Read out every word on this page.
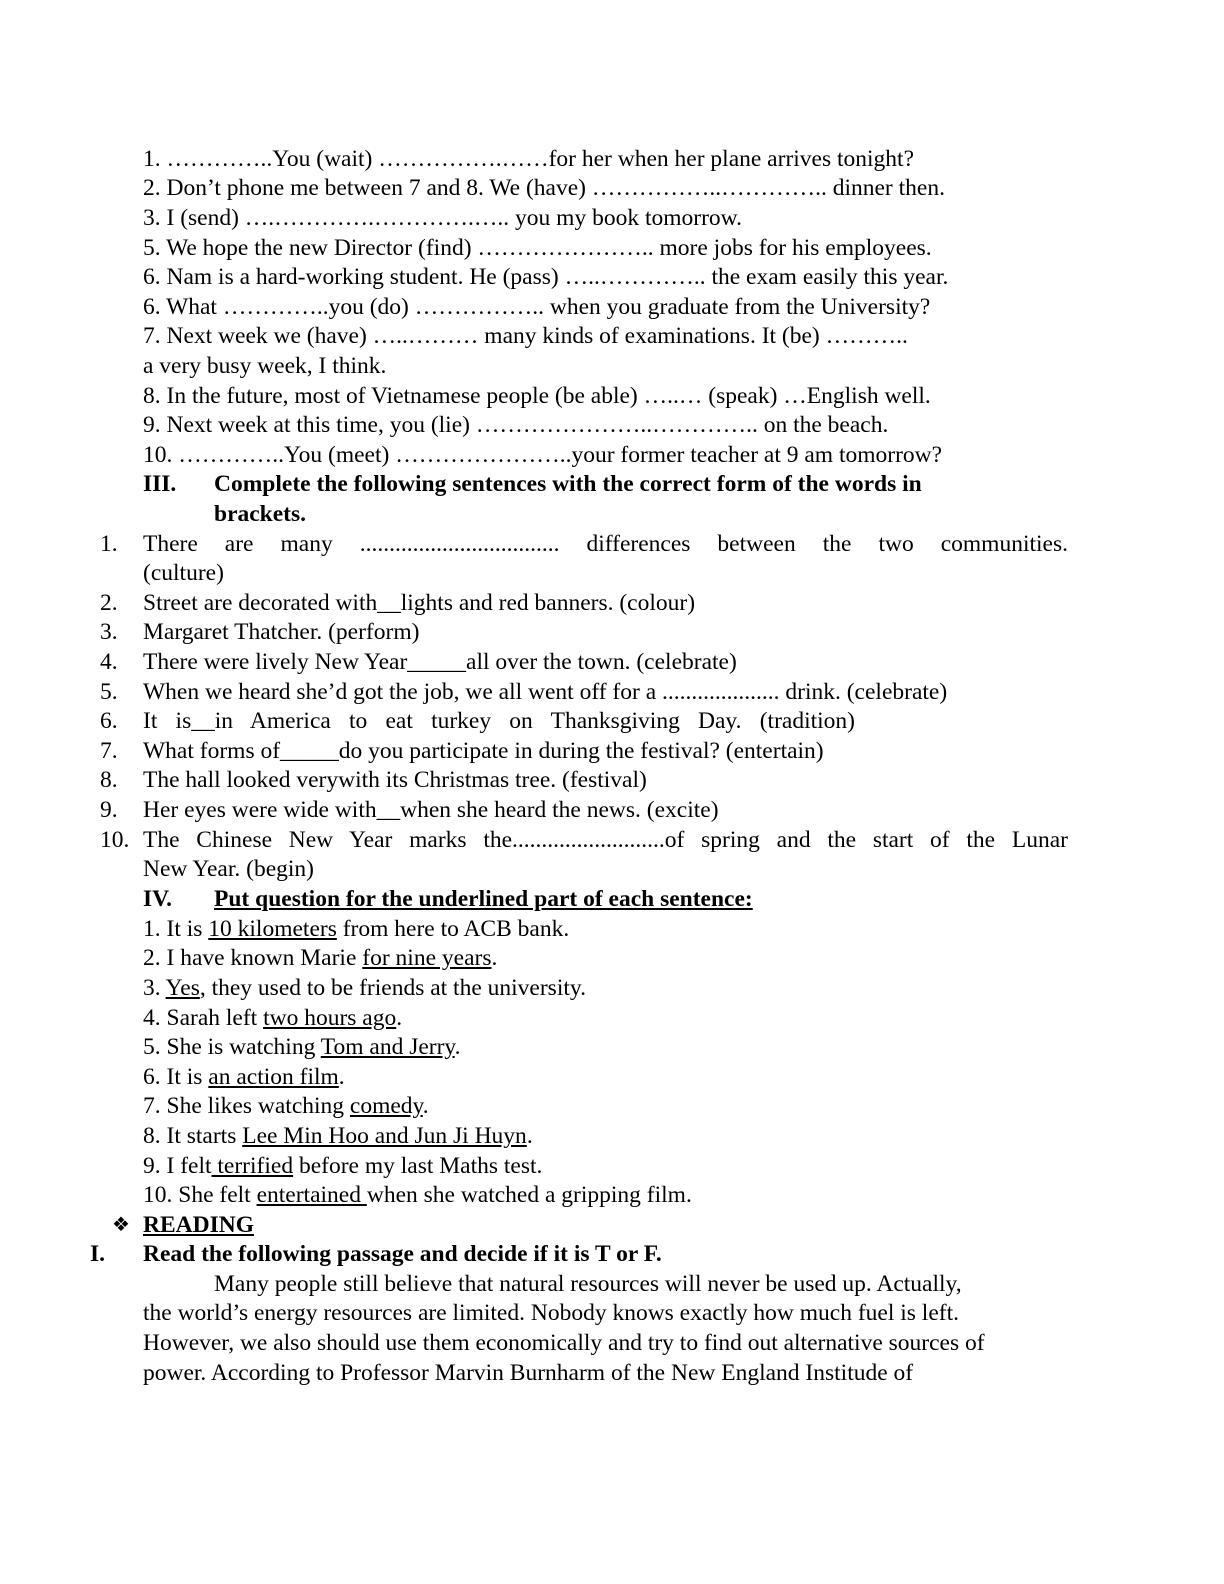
1. …………..You (wait) …………….……for her when her plane arrives tonight?
2. Don’t phone me between 7 and 8. We (have) ……………..………….. dinner then.
3. I (send) ….………….………….….. you my book tomorrow.
5. We hope the new Director (find) ………………….. more jobs for his employees.
6. Nam is a hard-working student. He (pass) …..………….. the exam easily this year.
6. What …………..you (do) …………….. when you graduate from the University?
7. Next week we (have) …..……… many kinds of examinations. It (be) ………..
a very busy week, I think.
8. In the future, most of Vietnamese people (be able) …..… (speak) …English well.
9. Next week at this time, you (lie) …………………..………….. on the beach.
10. …………..You (meet) …………………..your former teacher at 9 am tomorrow?
III. Complete the following sentences with the correct form of the words in
brackets.
1. There are many .................................. differences between the two communities.
(culture)
2. Street are decorated with__lights and red banners. (colour)
3. Margaret Thatcher. (perform)
4. There were lively New Year_____all over the town. (celebrate)
5. When we heard she’d got the job, we all went off for a .................... drink. (celebrate)
6. It is__in America to eat turkey on Thanksgiving Day. (tradition)
7. What forms of_____do you participate in during the festival? (entertain)
8. The hall looked verywith its Christmas tree. (festival)
9. Her eyes were wide with__when she heard the news. (excite)
10. The Chinese New Year marks the..........................of spring and the start of the Lunar
New Year. (begin)
IV. Put question for the underlined part of each sentence:
1. It is 10 kilometers from here to ACB bank.
2. I have known Marie for nine years.
3. Yes, they used to be friends at the university.
4. Sarah left two hours ago.
5. She is watching Tom and Jerry.
6. It is an action film.
7. She likes watching comedy.
8. It starts Lee Min Hoo and Jun Ji Huyn.
9. I felt terrified before my last Maths test.
10. She felt entertained when she watched a gripping film.
❖ READING
I. Read the following passage and decide if it is T or F.
Many people still believe that natural resources will never be used up. Actually,
the world’s energy resources are limited. Nobody knows exactly how much fuel is left.
However, we also should use them economically and try to find out alternative sources of
power. According to Professor Marvin Burnharm of the New England Institude of
